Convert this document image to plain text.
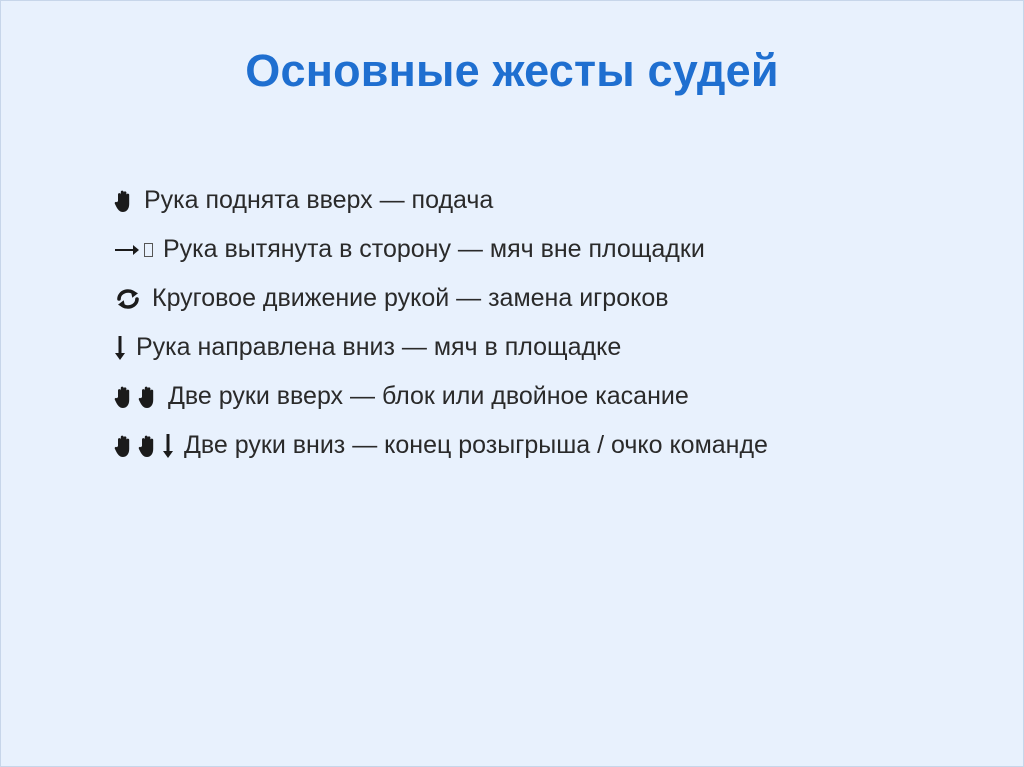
Основные жесты судей
Рука поднята вверх — подача
Рука вытянута в сторону — мяч вне площадки
Круговое движение рукой — замена игроков
Рука направлена вниз — мяч в площадке
Две руки вверх — блок или двойное касание
Две руки вниз — конец розыгрыша / очко команде
